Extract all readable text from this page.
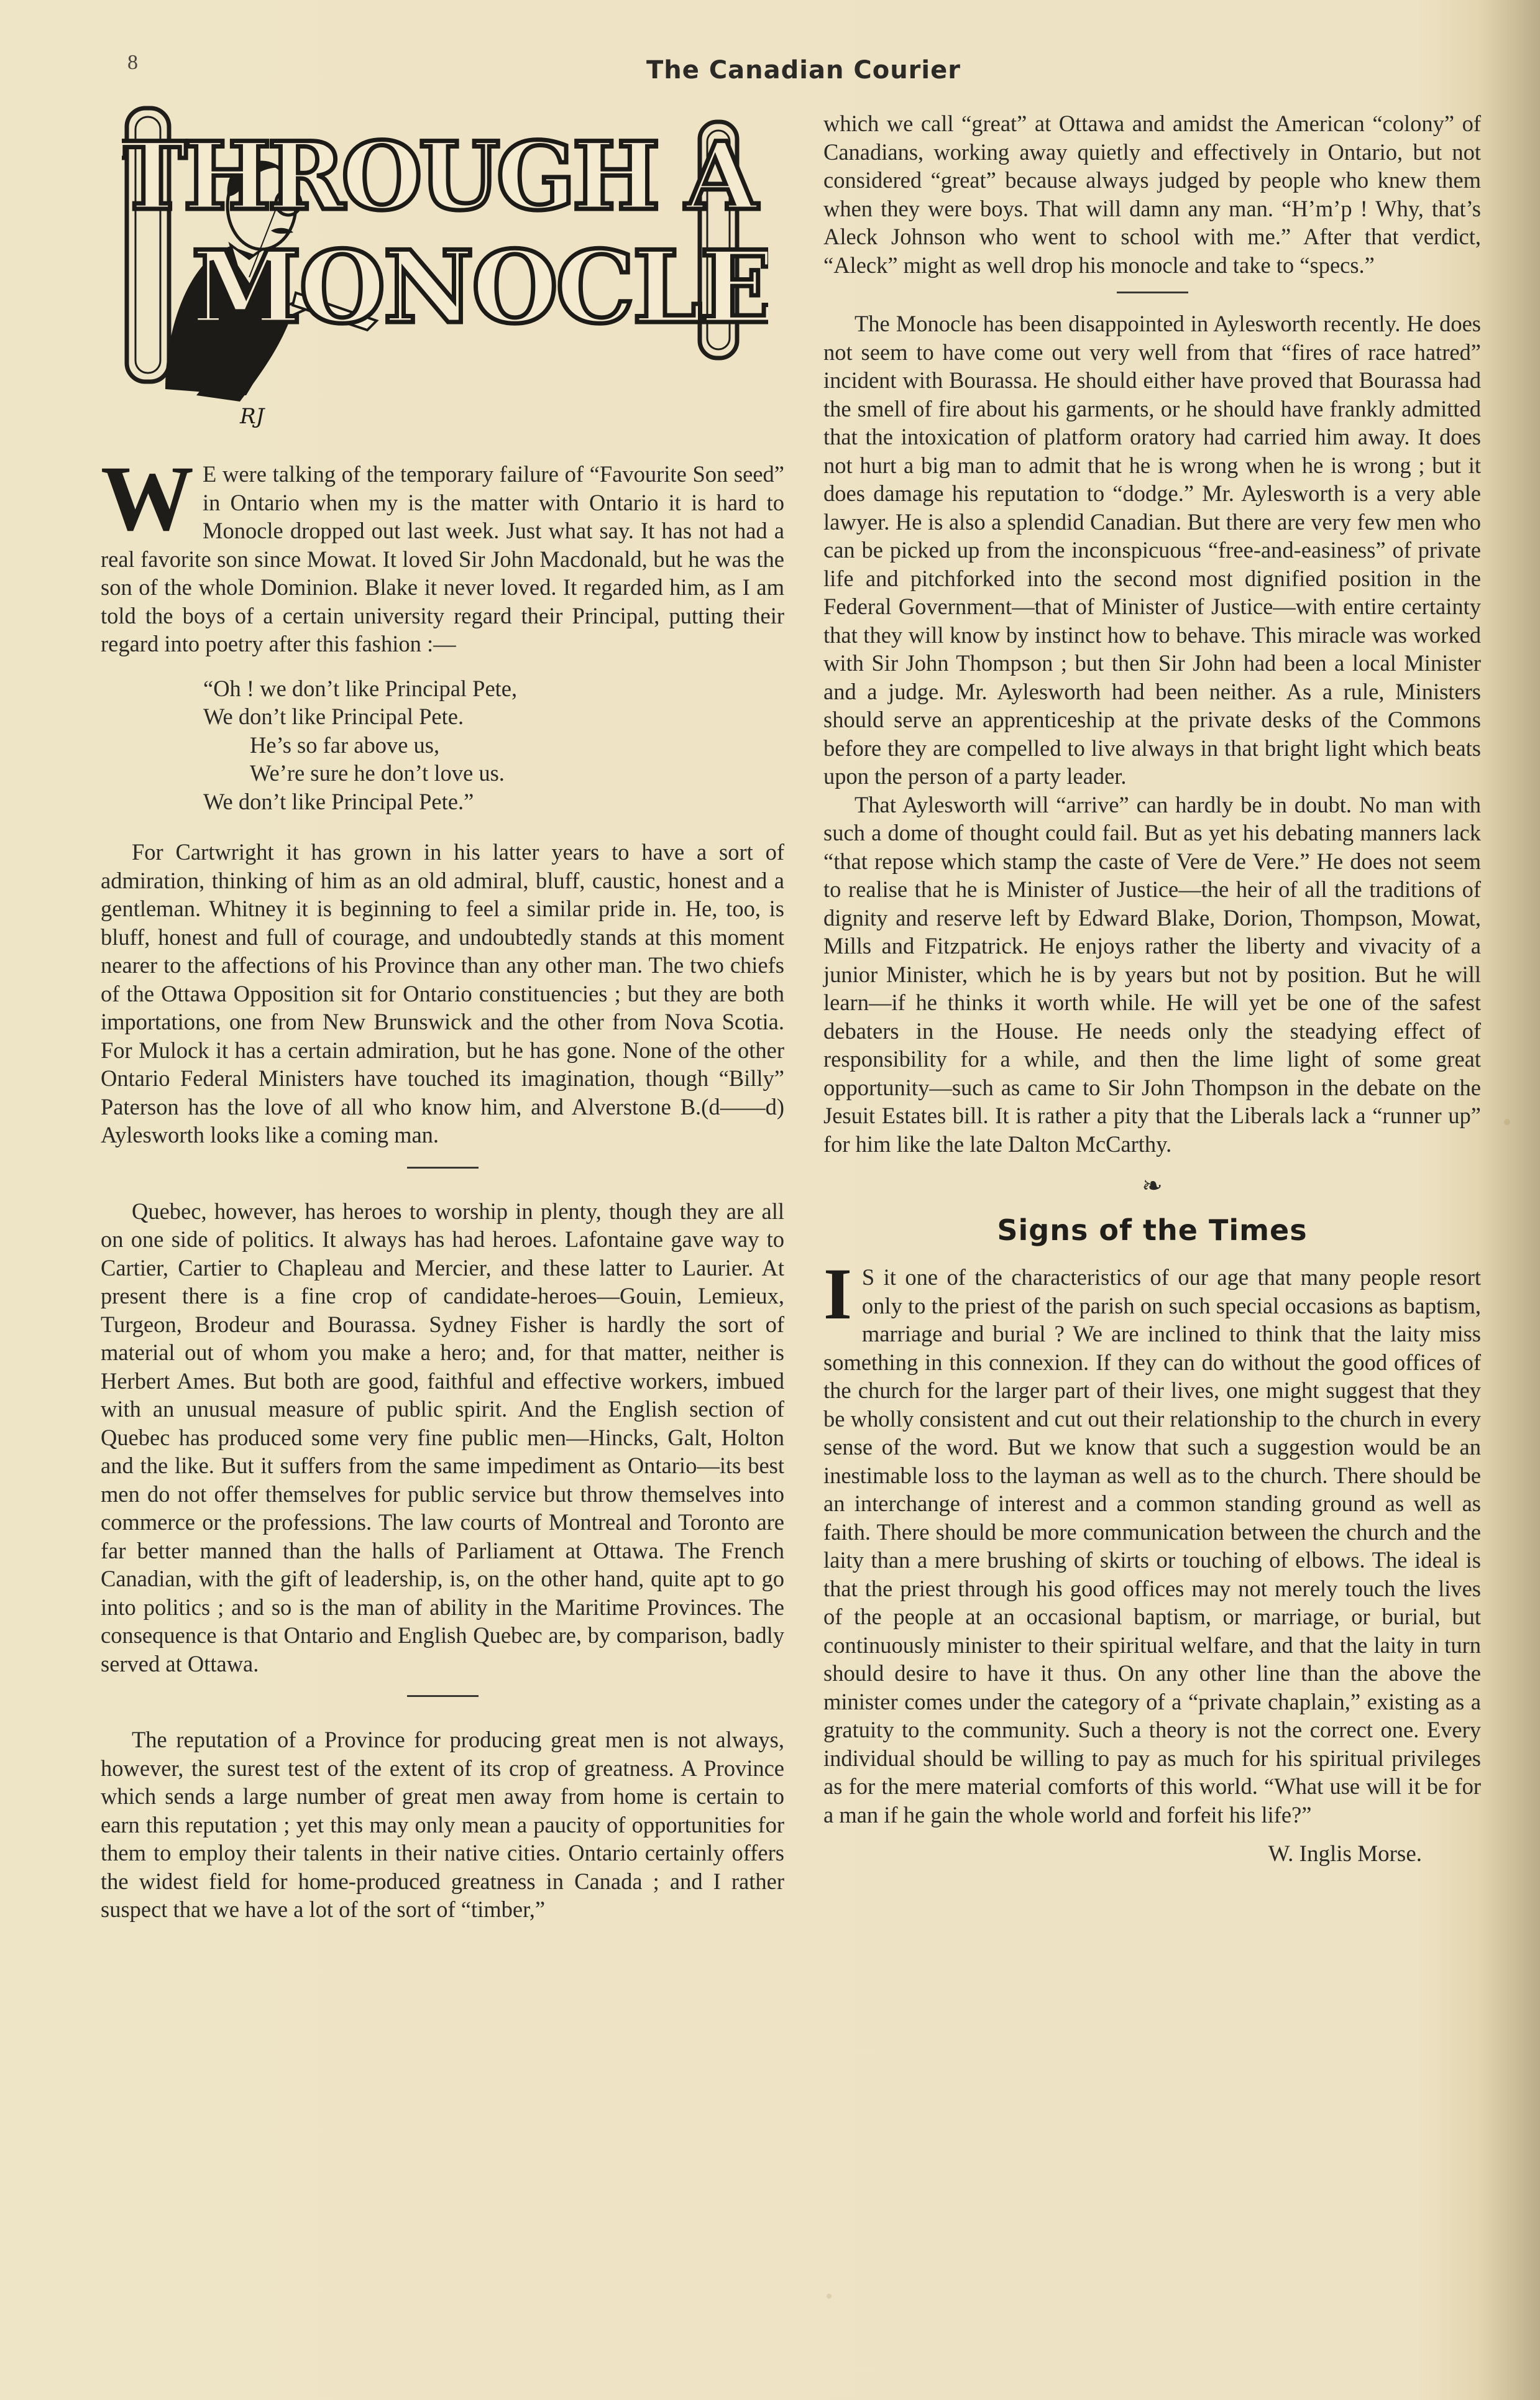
8	The Canadian Courier
THROUGH A
MONOCLE
RJ

W E were talking of the temporary failure of “Favourite Son seed” in Ontario when my is the matter with Ontario it is hard to Monocle dropped out last week. Just what say. It has not had a real favorite son since Mowat. It loved Sir John Macdonald, but he was the son of the whole Dominion. Blake it never loved. It regarded him, as I am told the boys of a certain university regard their Principal, putting their regard into poetry after this fashion :—

“Oh ! we don’t like Principal Pete,
We don’t like Principal Pete.
He’s so far above us,
We’re sure he don’t love us.
We don’t like Principal Pete.”

For Cartwright it has grown in his latter years to have a sort of admiration, thinking of him as an old admiral, bluff, caustic, honest and a gentleman. Whitney it is beginning to feel a similar pride in. He, too, is bluff, honest and full of courage, and undoubtedly stands at this moment nearer to the affections of his Province than any other man. The two chiefs of the Ottawa Opposition sit for Ontario constituencies ; but they are both importations, one from New Brunswick and the other from Nova Scotia. For Mulock it has a certain admiration, but he has gone. None of the other Ontario Federal Ministers have touched its imagination, though “Billy” Paterson has the love of all who know him, and Alverstone B.(d——d) Aylesworth looks like a coming man.

Quebec, however, has heroes to worship in plenty, though they are all on one side of politics. It always has had heroes. Lafontaine gave way to Cartier, Cartier to Chapleau and Mercier, and these latter to Laurier. At present there is a fine crop of candidate-heroes—Gouin, Lemieux, Turgeon, Brodeur and Bourassa. Sydney Fisher is hardly the sort of material out of whom you make a hero; and, for that matter, neither is Herbert Ames. But both are good, faithful and effective workers, imbued with an unusual measure of public spirit. And the English section of Quebec has produced some very fine public men—Hincks, Galt, Holton and the like. But it suffers from the same impediment as Ontario—its best men do not offer themselves for public service but throw themselves into commerce or the professions. The law courts of Montreal and Toronto are far better manned than the halls of Parliament at Ottawa. The French Canadian, with the gift of leadership, is, on the other hand, quite apt to go into politics ; and so is the man of ability in the Maritime Provinces. The consequence is that Ontario and English Quebec are, by comparison, badly served at Ottawa.

The reputation of a Province for producing great men is not always, however, the surest test of the extent of its crop of greatness. A Province which sends a large number of great men away from home is certain to earn this reputation ; yet this may only mean a paucity of opportunities for them to employ their talents in their native cities. Ontario certainly offers the widest field for home-produced greatness in Canada ; and I rather suspect that we have a lot of the sort of “timber,”

which we call “great” at Ottawa and amidst the American “colony” of Canadians, working away quietly and effectively in Ontario, but not considered “great” because always judged by people who knew them when they were boys. That will damn any man. “H’m’p ! Why, that’s Aleck Johnson who went to school with me.” After that verdict, “Aleck” might as well drop his monocle and take to “specs.”

The Monocle has been disappointed in Aylesworth recently. He does not seem to have come out very well from that “fires of race hatred” incident with Bourassa. He should either have proved that Bourassa had the smell of fire about his garments, or he should have frankly admitted that the intoxication of platform oratory had carried him away. It does not hurt a big man to admit that he is wrong when he is wrong ; but it does damage his reputation to “dodge.” Mr. Aylesworth is a very able lawyer. He is also a splendid Canadian. But there are very few men who can be picked up from the inconspicuous “free-and-easiness” of private life and pitchforked into the second most dignified position in the Federal Government—that of Minister of Justice—with entire certainty that they will know by instinct how to behave. This miracle was worked with Sir John Thompson ; but then Sir John had been a local Minister and a judge. Mr. Aylesworth had been neither. As a rule, Ministers should serve an apprenticeship at the private desks of the Commons before they are compelled to live always in that bright light which beats upon the person of a party leader.

That Aylesworth will “arrive” can hardly be in doubt. No man with such a dome of thought could fail. But as yet his debating manners lack “that repose which stamp the caste of Vere de Vere.” He does not seem to realise that he is Minister of Justice—the heir of all the traditions of dignity and reserve left by Edward Blake, Dorion, Thompson, Mowat, Mills and Fitzpatrick. He enjoys rather the liberty and vivacity of a junior Minister, which he is by years but not by position. But he will learn—if he thinks it worth while. He will yet be one of the safest debaters in the House. He needs only the steadying effect of responsibility for a while, and then the lime light of some great opportunity—such as came to Sir John Thompson in the debate on the Jesuit Estates bill. It is rather a pity that the Liberals lack a “runner up” for him like the late Dalton McCarthy.

❧
Signs of the Times

I S it one of the characteristics of our age that many people resort only to the priest of the parish on such special occasions as baptism, marriage and burial ? We are inclined to think that the laity miss something in this connexion. If they can do without the good offices of the church for the larger part of their lives, one might suggest that they be wholly consistent and cut out their relationship to the church in every sense of the word. But we know that such a suggestion would be an inestimable loss to the layman as well as to the church. There should be an interchange of interest and a common standing ground as well as faith. There should be more communication between the church and the laity than a mere brushing of skirts or touching of elbows. The ideal is that the priest through his good offices may not merely touch the lives of the people at an occasional baptism, or marriage, or burial, but continuously minister to their spiritual welfare, and that the laity in turn should desire to have it thus. On any other line than the above the minister comes under the category of a “private chaplain,” existing as a gratuity to the community. Such a theory is not the correct one. Every individual should be willing to pay as much for his spiritual privileges as for the mere material comforts of this world. “What use will it be for a man if he gain the whole world and forfeit his life?”

W. Inglis Morse.
